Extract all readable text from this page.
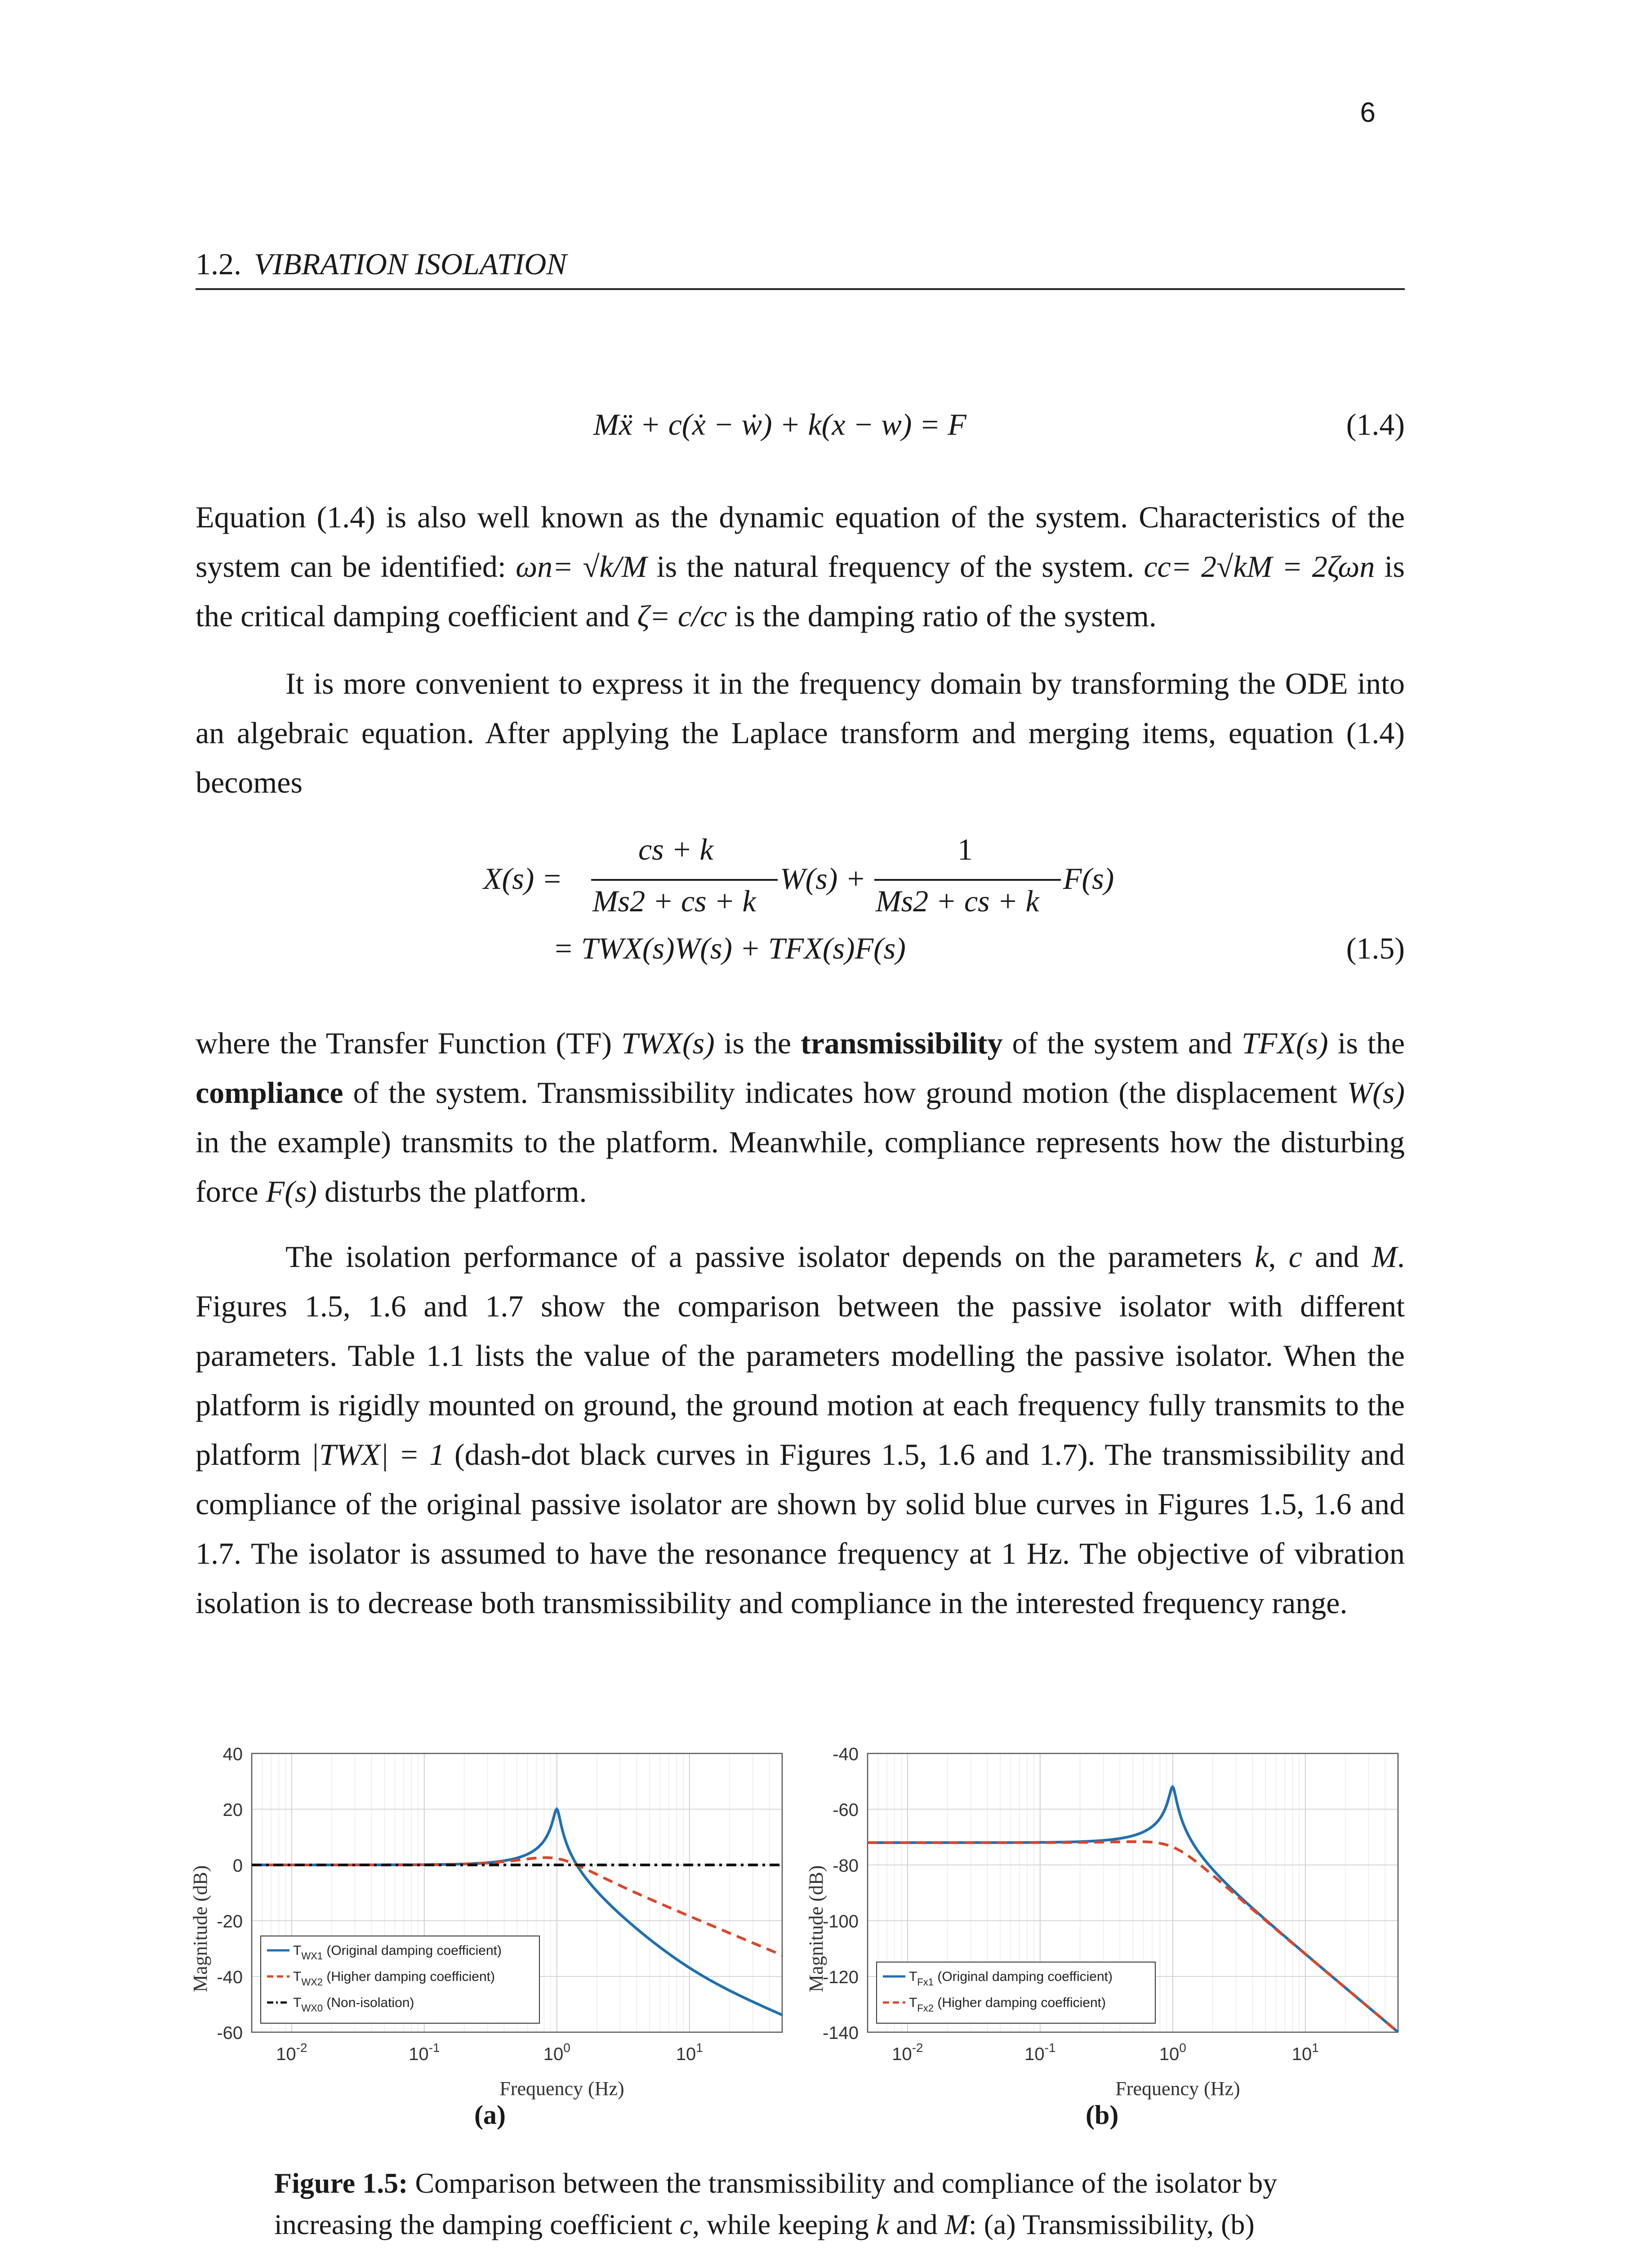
6
1.2. VIBRATION ISOLATION
Mẍ + c(ẋ − ẇ) + k(x − w) = F	(1.4)
Equation (1.4) is also well known as the dynamic equation of the system. Characteristics of the system can be identified: ωn= √k/M is the natural frequency of the system. cc= 2√kM = 2ζωn is the critical damping coefficient and ζ= c/cc is the damping ratio of the system.
It is more convenient to express it in the frequency domain by transforming the ODE into an algebraic equation. After applying the Laplace transform and merging items, equation (1.4) becomes
X(s) =
cs + k
Ms2 + cs + k
W(s) +
1
Ms2 + cs + k
F(s)
= TWX(s)W(s) + TFX(s)F(s)	(1.5)
where the Transfer Function (TF) TWX(s) is the transmissibility of the system and TFX(s) is the compliance of the system. Transmissibility indicates how ground motion (the displacement W(s) in the example) transmits to the platform. Meanwhile, compliance represents how the disturbing force F(s) disturbs the platform.
The isolation performance of a passive isolator depends on the parameters k, c and M. Figures 1.5, 1.6 and 1.7 show the comparison between the passive isolator with different parameters. Table 1.1 lists the value of the parameters modelling the passive isolator. When the platform is rigidly mounted on ground, the ground motion at each frequency fully transmits to the platform |TWX| = 1 (dash-dot black curves in Figures 1.5, 1.6 and 1.7). The transmissibility and compliance of the original passive isolator are shown by solid blue curves in Figures 1.5, 1.6 and 1.7. The isolator is assumed to have the resonance frequency at 1 Hz. The objective of vibration isolation is to decrease both transmissibility and compliance in the interested frequency range.
Magnitude (dB)
Frequency (Hz)
40
20
0
-20
-40
-60
$10^{-2}$	$10^{-1}$	$10^0$	$10^1$
$T_{WX1}$ (Original damping coefficient)
$T_{WX2}$ (Higher damping coefficient)
$T_{WX0}$ (Non-isolation)
Magnitude (dB)
Frequency (Hz)
-40
-60
-80
-100
-120
-140
$10^{-2}$	$10^{-1}$	$10^0$	$10^1$
$T_{Fx1}$ (Original damping coefficient)
$T_{Fx2}$ (Higher damping coefficient)
(a)	(b)
Figure 1.5: Comparison between the transmissibility and compliance of the isolator by increasing the damping coefficient c, while keeping k and M: (a) Transmissibility, (b)
